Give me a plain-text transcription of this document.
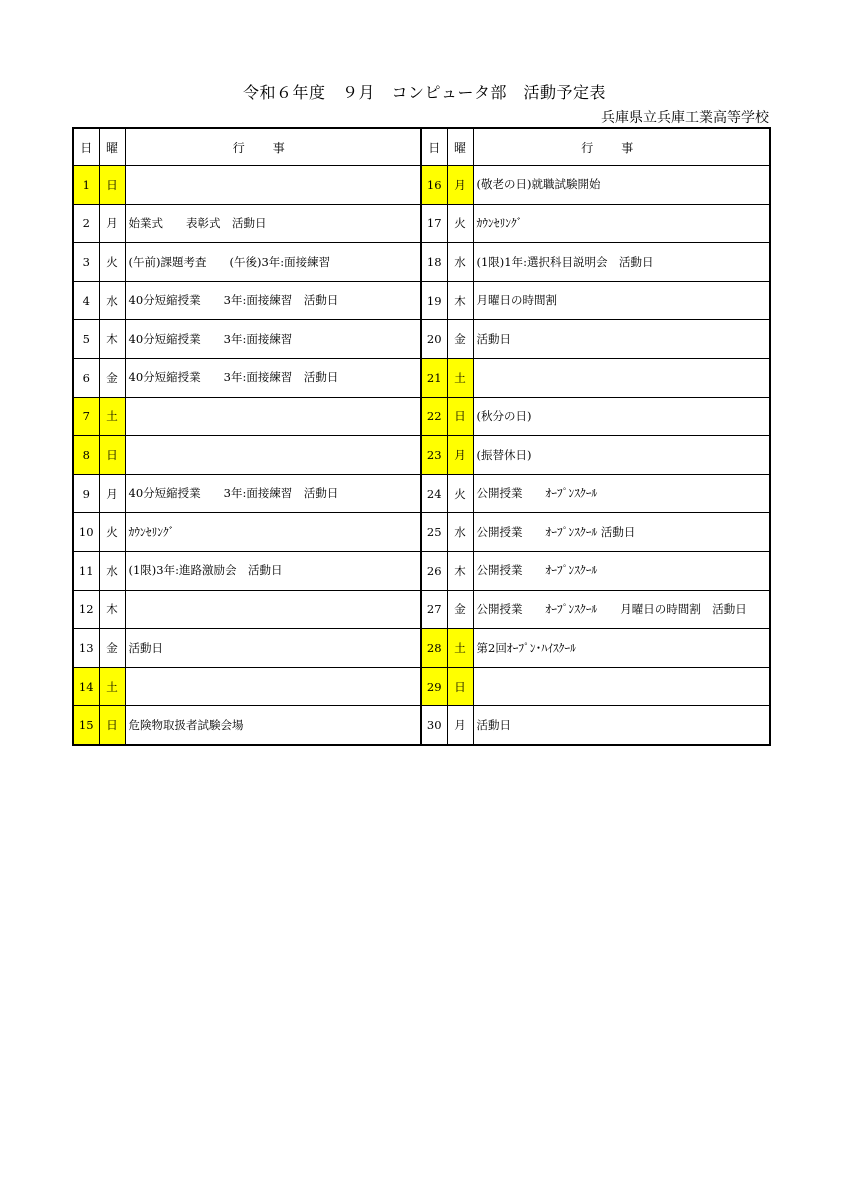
令和６年度　９月　コンピュータ部　活動予定表
兵庫県立兵庫工業高等学校
日	曜	行事	日	曜	行事
1	日		16	月	(敬老の日)就職試験開始
2	月	始業式　　表彰式　活動日	17	火	ｶｳﾝｾﾘﾝｸﾞ
3	火	(午前)課題考査　　(午後)3年:面接練習	18	水	(1限)1年:選択科目説明会　活動日
4	水	40分短縮授業　　3年:面接練習　活動日	19	木	月曜日の時間割
5	木	40分短縮授業　　3年:面接練習	20	金	活動日
6	金	40分短縮授業　　3年:面接練習　活動日	21	土	
7	土		22	日	(秋分の日)
8	日		23	月	(振替休日)
9	月	40分短縮授業　　3年:面接練習　活動日	24	火	公開授業　　ｵｰﾌﾟﾝｽｸｰﾙ
10	火	ｶｳﾝｾﾘﾝｸﾞ	25	水	公開授業　　ｵｰﾌﾟﾝｽｸｰﾙ 活動日
11	水	(1限)3年:進路激励会　活動日	26	木	公開授業　　ｵｰﾌﾟﾝｽｸｰﾙ
12	木		27	金	公開授業　　ｵｰﾌﾟﾝｽｸｰﾙ　　月曜日の時間割　活動日
13	金	活動日	28	土	第2回ｵｰﾌﾟﾝ･ﾊｲｽｸｰﾙ
14	土		29	日	
15	日	危険物取扱者試験会場	30	月	活動日
